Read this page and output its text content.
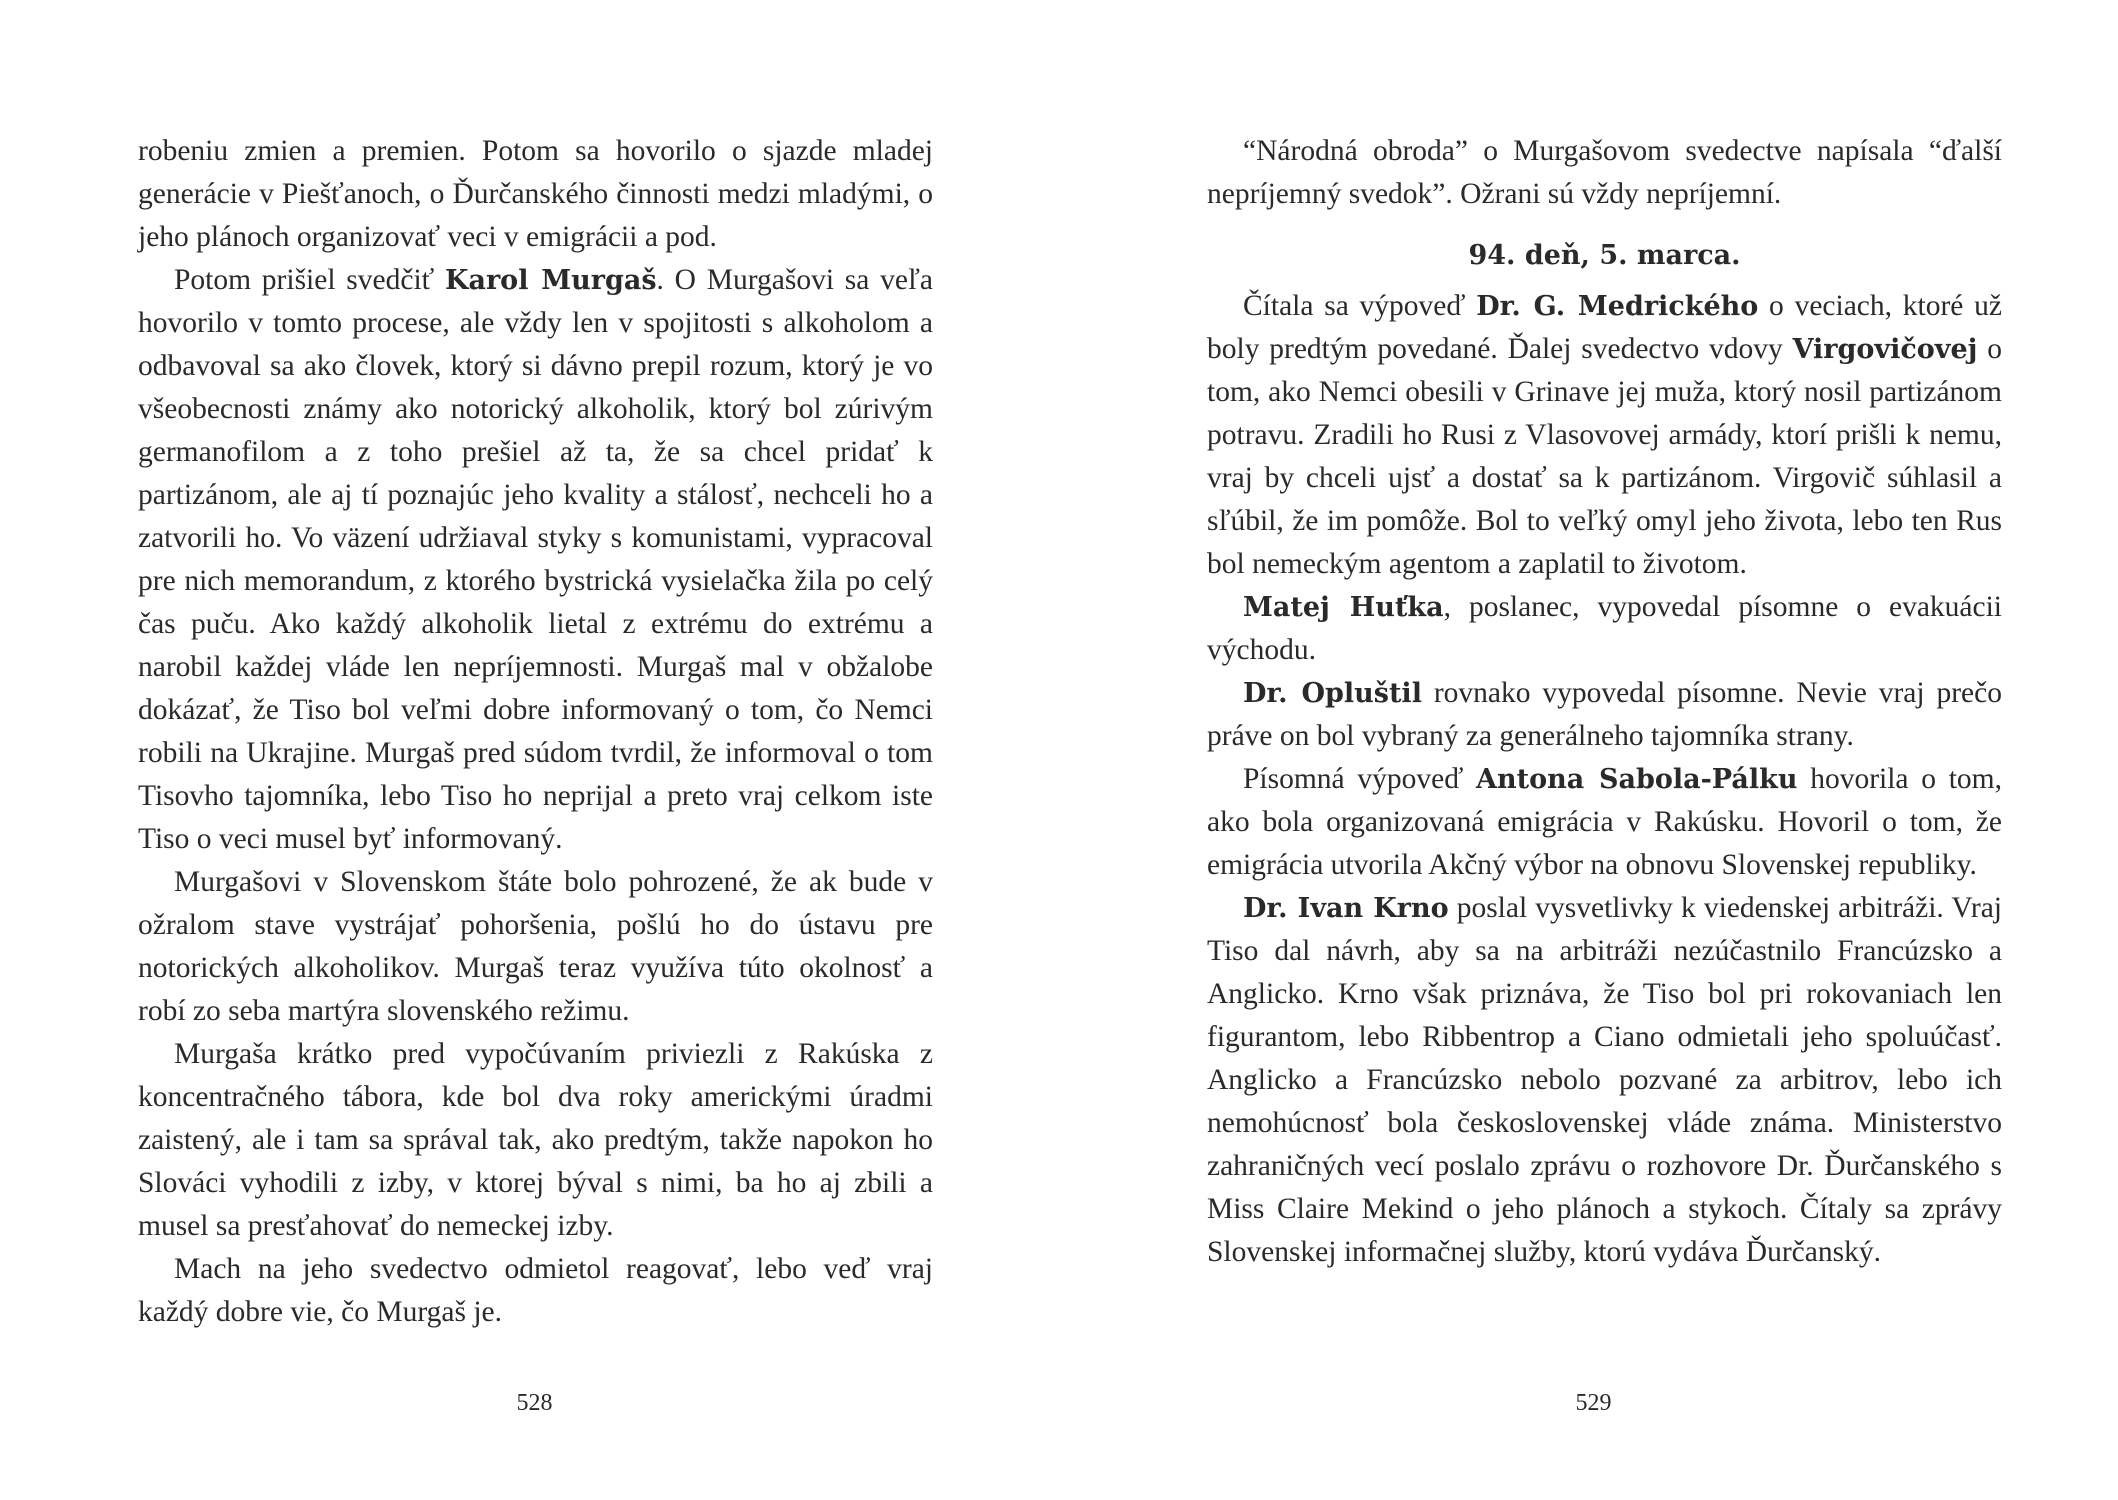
robeniu zmien a premien. Potom sa hovorilo o sjazde mladej generácie v Piešťanoch, o Ďurčanského činnosti medzi mladými, o jeho plánoch organizovať veci v emigrácii a pod.

Potom prišiel svedčiť Karol Murgaš. O Murgašovi sa veľa hovorilo v tomto procese, ale vždy len v spojitosti s alkoholom a odbavoval sa ako človek, ktorý si dávno prepil rozum, ktorý je vo všeobecnosti známy ako notorický alkoholik, ktorý bol zúrivým germanofilom a z toho prešiel až ta, že sa chcel pridať k partizánom, ale aj tí poznajúc jeho kvality a stálosť, nechceli ho a zatvorili ho. Vo väzení udržiaval styky s komunistami, vypracoval pre nich memorandum, z ktorého bystrická vysielačka žila po celý čas puču. Ako každý alkoholik lietal z extrému do extrému a narobil každej vláde len nepríjemnosti. Murgaš mal v obžalobe dokázať, že Tiso bol veľmi dobre informovaný o tom, čo Nemci robili na Ukrajine. Murgaš pred súdom tvrdil, že informoval o tom Tisovho tajomníka, lebo Tiso ho neprijal a preto vraj celkom iste Tiso o veci musel byť informovaný.

Murgašovi v Slovenskom štáte bolo pohrozené, že ak bude v ožralom stave vystrájať pohoršenia, pošlú ho do ústavu pre notorických alkoholikov. Murgaš teraz využíva túto okolnosť a robí zo seba martýra slovenského režimu.

Murgaša krátko pred vypočúvaním priviezli z Rakúska z koncentračného tábora, kde bol dva roky americkými úradmi zaistený, ale i tam sa správal tak, ako predtým, takže napokon ho Slováci vyhodili z izby, v ktorej býval s nimi, ba ho aj zbili a musel sa presťahovať do nemeckej izby.

Mach na jeho svedectvo odmietol reagovať, lebo veď vraj každý dobre vie, čo Murgaš je.

528

“Národná obroda” o Murgašovom svedectve napísala “ďalší nepríjemný svedok”. Ožrani sú vždy nepríjemní.

94. deň, 5. marca.

Čítala sa výpoveď Dr. G. Medrického o veciach, ktoré už boly predtým povedané. Ďalej svedectvo vdovy Virgovičovej o tom, ako Nemci obesili v Grinave jej muža, ktorý nosil partizánom potravu. Zradili ho Rusi z Vlasovovej armády, ktorí prišli k nemu, vraj by chceli ujsť a dostať sa k partizánom. Virgovič súhlasil a sľúbil, že im pomôže. Bol to veľký omyl jeho života, lebo ten Rus bol nemeckým agentom a zaplatil to životom.

Matej Huťka, poslanec, vypovedal písomne o evakuácii východu.

Dr. Opluštil rovnako vypovedal písomne. Nevie vraj prečo práve on bol vybraný za generálneho tajomníka strany.

Písomná výpoveď Antona Sabola-Pálku hovorila o tom, ako bola organizovaná emigrácia v Rakúsku. Hovoril o tom, že emigrácia utvorila Akčný výbor na obnovu Slovenskej republiky.

Dr. Ivan Krno poslal vysvetlivky k viedenskej arbitráži. Vraj Tiso dal návrh, aby sa na arbitráži nezúčastnilo Francúzsko a Anglicko. Krno však priznáva, že Tiso bol pri rokovaniach len figurantom, lebo Ribbentrop a Ciano odmietali jeho spoluúčasť. Anglicko a Francúzsko nebolo pozvané za arbitrov, lebo ich nemohúcnosť bola československej vláde známa. Ministerstvo zahraničných vecí poslalo zprávu o rozhovore Dr. Ďurčanského s Miss Claire Mekind o jeho plánoch a stykoch. Čítaly sa zprávy Slovenskej informačnej služby, ktorú vydáva Ďurčanský.

529
